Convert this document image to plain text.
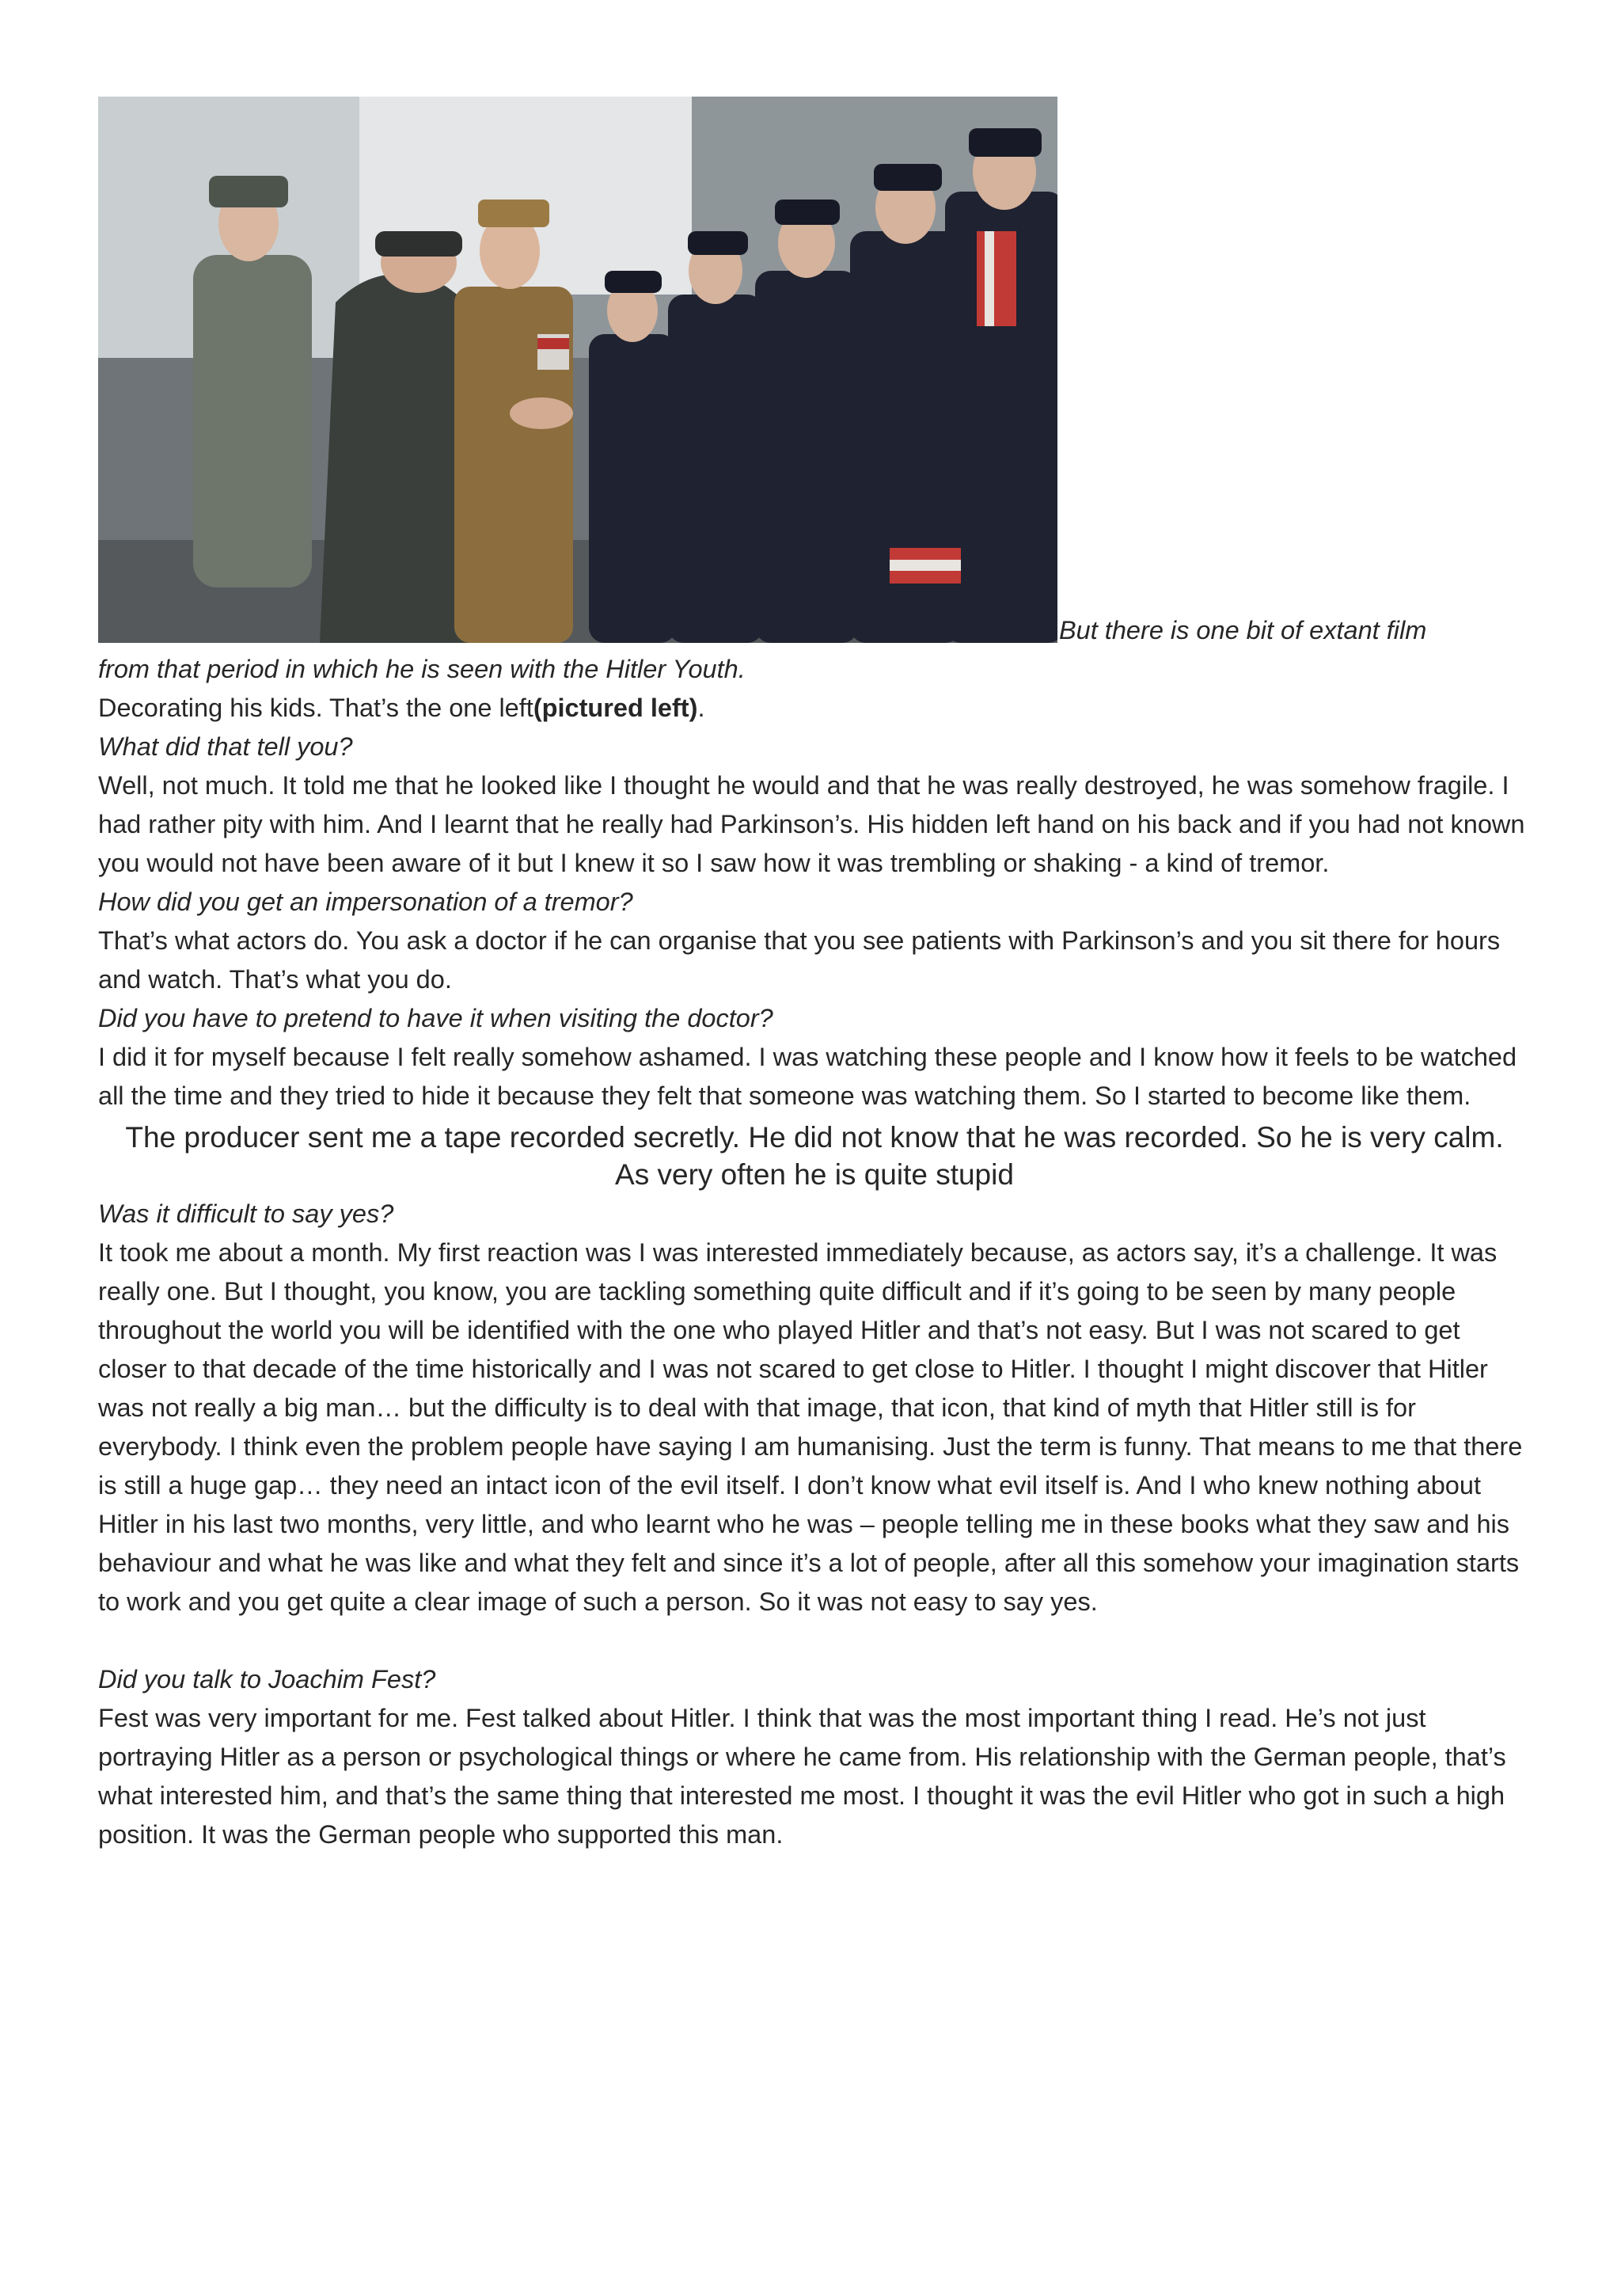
But there is one bit of extant film

from that period in which he is seen with the Hitler Youth.

Decorating his kids. That’s the one left(pictured left).

What did that tell you?

Well, not much. It told me that he looked like I thought he would and that he was really destroyed, he was somehow fragile. I had rather pity with him. And I learnt that he really had Parkinson’s. His hidden left hand on his back and if you had not known you would not have been aware of it but I knew it so I saw how it was trembling or shaking - a kind of tremor.

How did you get an impersonation of a tremor?

That’s what actors do. You ask a doctor if he can organise that you see patients with Parkinson’s and you sit there for hours and watch. That’s what you do.

Did you have to pretend to have it when visiting the doctor?

I did it for myself because I felt really somehow ashamed. I was watching these people and I know how it feels to be watched all the time and they tried to hide it because they felt that someone was watching them. So I started to become like them.

The producer sent me a tape recorded secretly. He did not know that he was recorded. So he is very calm. As very often he is quite stupid

Was it difficult to say yes?

It took me about a month. My first reaction was I was interested immediately because, as actors say, it’s a challenge. It was really one. But I thought, you know, you are tackling something quite difficult and if it’s going to be seen by many people throughout the world you will be identified with the one who played Hitler and that’s not easy. But I was not scared to get closer to that decade of the time historically and I was not scared to get close to Hitler. I thought I might discover that Hitler was not really a big man… but the difficulty is to deal with that image, that icon, that kind of myth that Hitler still is for everybody. I think even the problem people have saying I am humanising. Just the term is funny. That means to me that there is still a huge gap… they need an intact icon of the evil itself. I don’t know what evil itself is. And I who knew nothing about Hitler in his last two months, very little, and who learnt who he was – people telling me in these books what they saw and his behaviour and what he was like and what they felt and since it’s a lot of people, after all this somehow your imagination starts to work and you get quite a clear image of such a person. So it was not easy to say yes.

Did you talk to Joachim Fest?

Fest was very important for me. Fest talked about Hitler. I think that was the most important thing I read. He’s not just portraying Hitler as a person or psychological things or where he came from. His relationship with the German people, that’s what interested him, and that’s the same thing that interested me most. I thought it was the evil Hitler who got in such a high position. It was the German people who supported this man.
